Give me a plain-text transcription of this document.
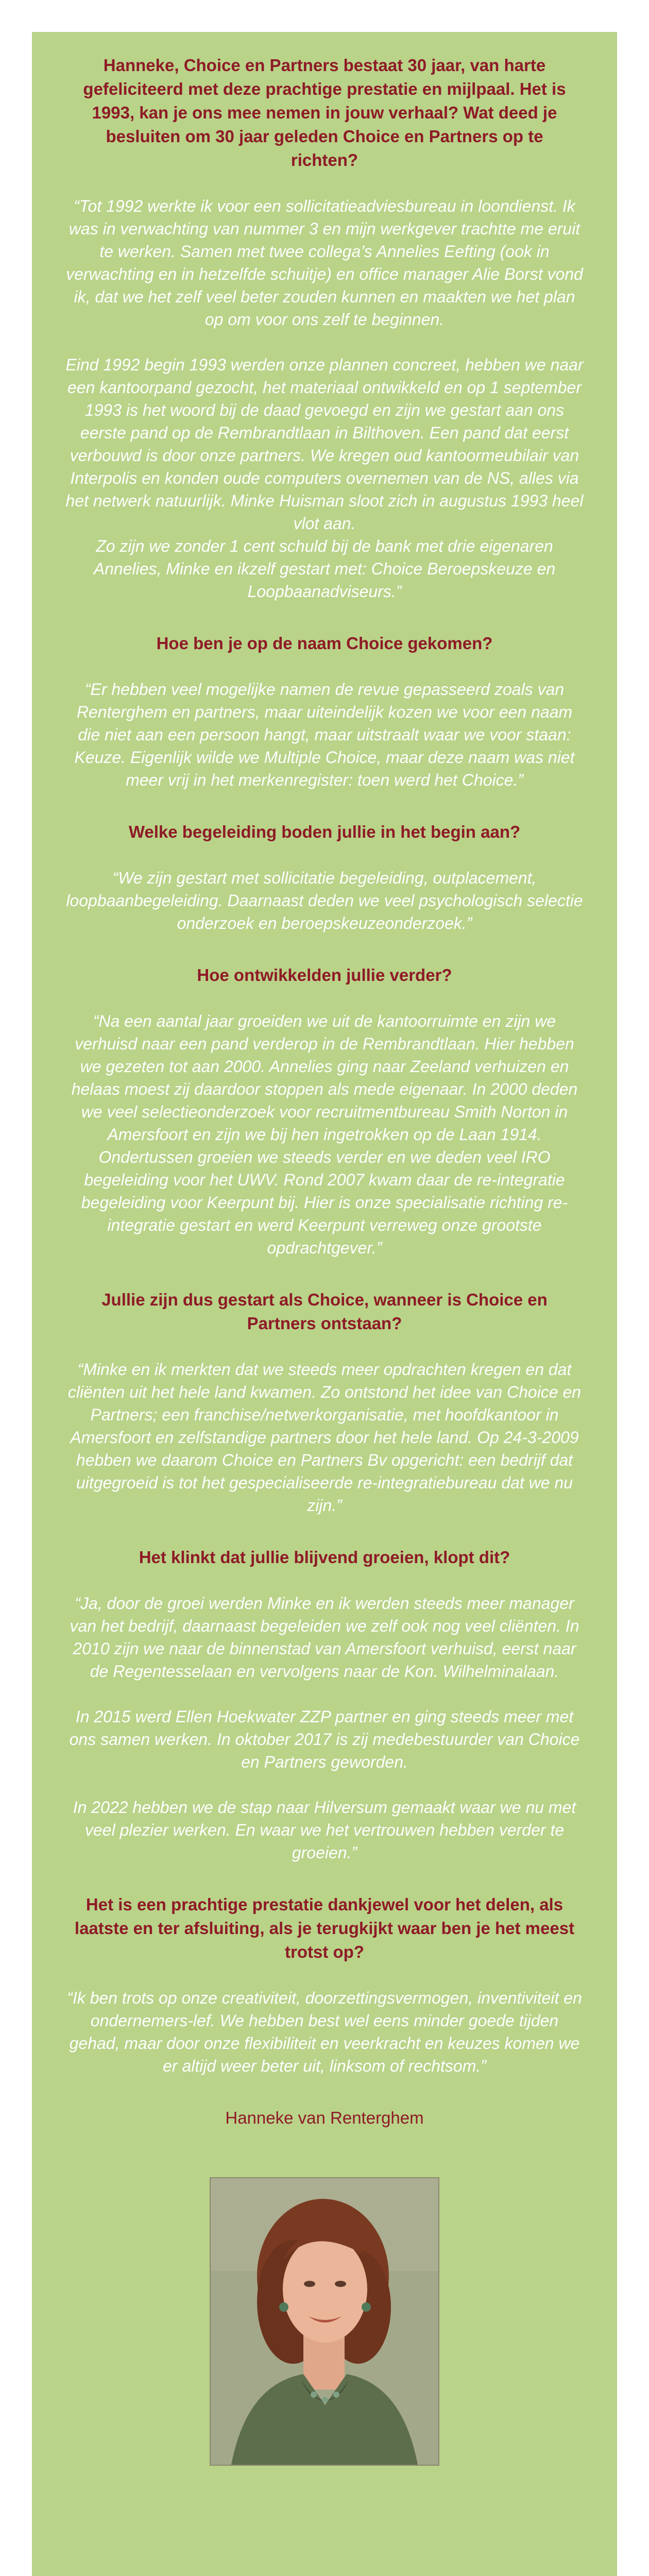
Hanneke, Choice en Partners bestaat 30 jaar, van harte gefeliciteerd met deze prachtige prestatie en mijlpaal. Het is 1993, kan je ons mee nemen in jouw verhaal? Wat deed je besluiten om 30 jaar geleden Choice en Partners op te richten?

“Tot 1992 werkte ik voor een sollicitatieadviesbureau in loondienst. Ik was in verwachting van nummer 3 en mijn werkgever trachtte me eruit te werken. Samen met twee collega’s Annelies Eefting (ook in verwachting en in hetzelfde schuitje) en office manager Alie Borst vond ik, dat we het zelf veel beter zouden kunnen en maakten we het plan op om voor ons zelf te beginnen.

Eind 1992 begin 1993 werden onze plannen concreet, hebben we naar een kantoorpand gezocht, het materiaal ontwikkeld en op 1 september 1993 is het woord bij de daad gevoegd en zijn we gestart aan ons eerste pand op de Rembrandtlaan in Bilthoven. Een pand dat eerst verbouwd is door onze partners. We kregen oud kantoormeubilair van Interpolis en konden oude computers overnemen van de NS, alles via het netwerk natuurlijk. Minke Huisman sloot zich in augustus 1993 heel vlot aan.
Zo zijn we zonder 1 cent schuld bij de bank met drie eigenaren Annelies, Minke en ikzelf gestart met: Choice Beroepskeuze en Loopbaanadviseurs.”

Hoe ben je op de naam Choice gekomen?

“Er hebben veel mogelijke namen de revue gepasseerd zoals van Renterghem en partners, maar uiteindelijk kozen we voor een naam die niet aan een persoon hangt, maar uitstraalt waar we voor staan: Keuze. Eigenlijk wilde we Multiple Choice, maar deze naam was niet meer vrij in het merkenregister: toen werd het Choice.”

Welke begeleiding boden jullie in het begin aan?

“We zijn gestart met sollicitatie begeleiding, outplacement, loopbaanbegeleiding. Daarnaast deden we veel psychologisch selectie onderzoek en beroepskeuzeonderzoek.”

Hoe ontwikkelden jullie verder?

“Na een aantal jaar groeiden we uit de kantoorruimte en zijn we verhuisd naar een pand verderop in de Rembrandtlaan. Hier hebben we gezeten tot aan 2000. Annelies ging naar Zeeland verhuizen en helaas moest zij daardoor stoppen als mede eigenaar. In 2000 deden we veel selectieonderzoek voor recruitmentbureau Smith Norton in Amersfoort en zijn we bij hen ingetrokken op de Laan 1914. Ondertussen groeien we steeds verder en we deden veel IRO begeleiding voor het UWV. Rond 2007 kwam daar de re-integratie begeleiding voor Keerpunt bij. Hier is onze specialisatie richting re-integratie gestart en werd Keerpunt verreweg onze grootste opdrachtgever.”

Jullie zijn dus gestart als Choice, wanneer is Choice en Partners ontstaan?

“Minke en ik merkten dat we steeds meer opdrachten kregen en dat cliënten uit het hele land kwamen. Zo ontstond het idee van Choice en Partners; een franchise/netwerkorganisatie, met hoofdkantoor in Amersfoort en zelfstandige partners door het hele land. Op 24-3-2009 hebben we daarom Choice en Partners Bv opgericht: een bedrijf dat uitgegroeid is tot het gespecialiseerde re-integratiebureau dat we nu zijn.”

Het klinkt dat jullie blijvend groeien, klopt dit?

“Ja, door de groei werden Minke en ik werden steeds meer manager van het bedrijf, daarnaast begeleiden we zelf ook nog veel cliënten. In 2010 zijn we naar de binnenstad van Amersfoort verhuisd, eerst naar de Regentesselaan en vervolgens naar de Kon. Wilhelminalaan.

In 2015 werd Ellen Hoekwater ZZP partner en ging steeds meer met ons samen werken. In oktober 2017 is zij medebestuurder van Choice en Partners geworden.

In 2022 hebben we de stap naar Hilversum gemaakt waar we nu met veel plezier werken. En waar we het vertrouwen hebben verder te groeien.”

Het is een prachtige prestatie dankjewel voor het delen, als laatste en ter afsluiting, als je terugkijkt waar ben je het meest trotst op?

“Ik ben trots op onze creativiteit, doorzettingsvermogen, inventiviteit en ondernemers-lef. We hebben best wel eens minder goede tijden gehad, maar door onze flexibiliteit en veerkracht en keuzes komen we er altijd weer beter uit, linksom of rechtsom.”

Hanneke van Renterghem
